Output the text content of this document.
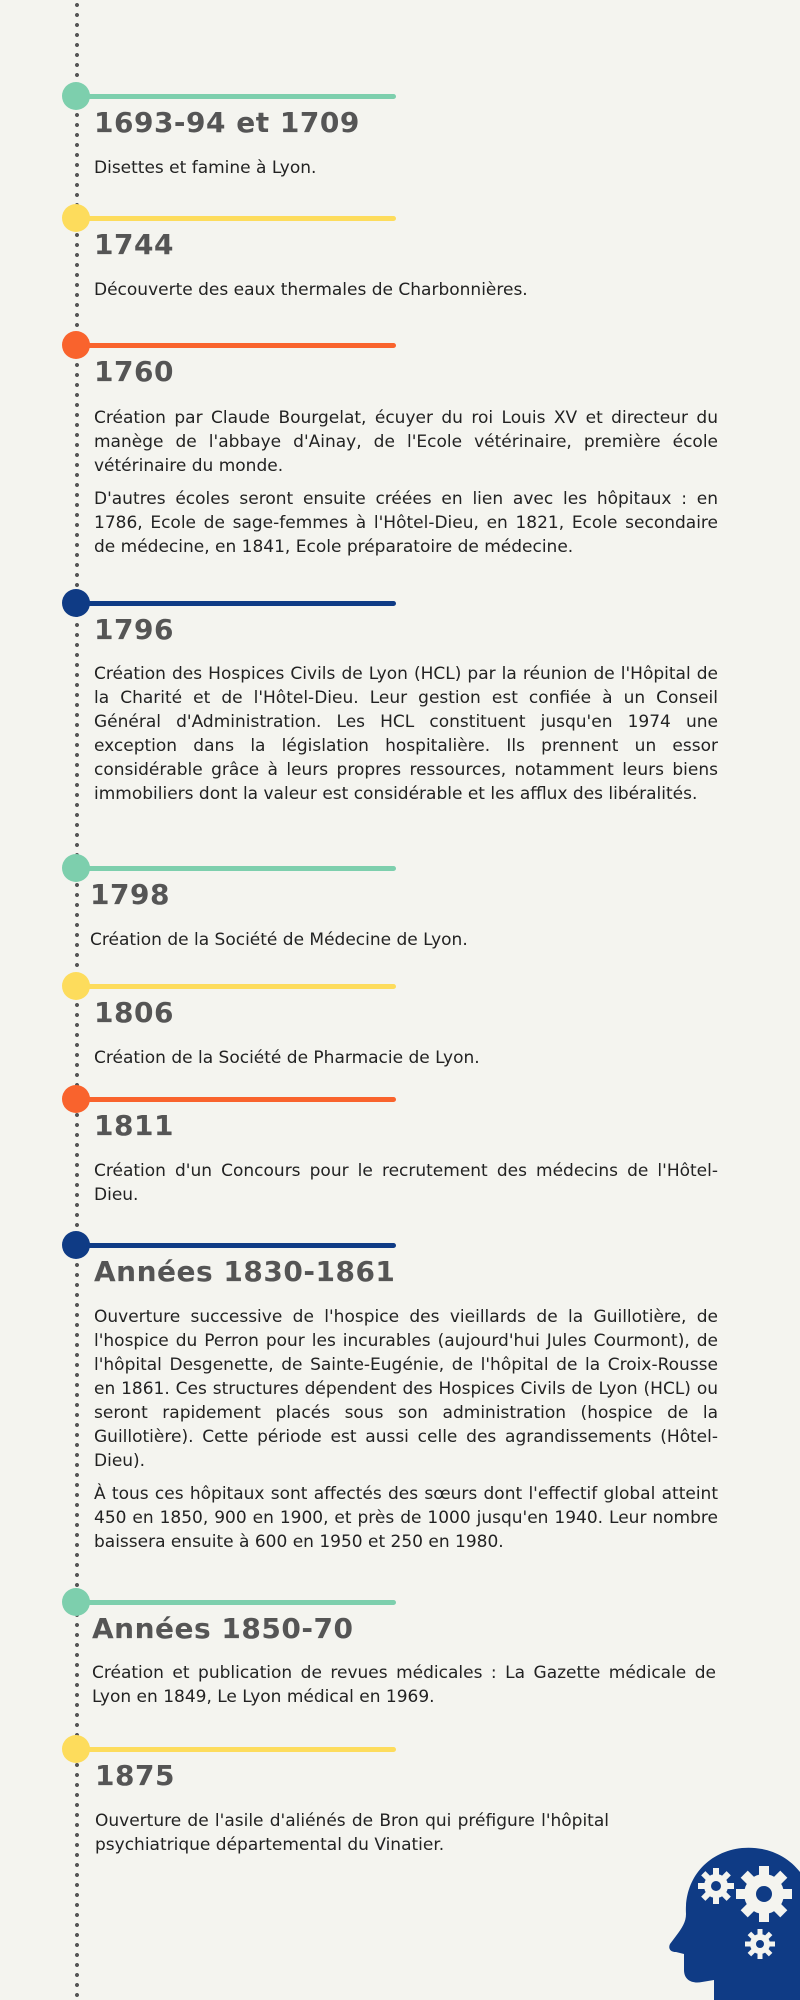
1693-94 et 1709

Disettes et famine à Lyon.

1744

Découverte des eaux thermales de Charbonnières.

1760

Création par Claude Bourgelat, écuyer du roi Louis XV et directeur du manège de l'abbaye d'Ainay, de l'Ecole vétérinaire, première école vétérinaire du monde.

D'autres écoles seront ensuite créées en lien avec les hôpitaux : en 1786, Ecole de sage-femmes à l'Hôtel-Dieu, en 1821, Ecole secondaire de médecine, en 1841, Ecole préparatoire de médecine.

1796

Création des Hospices Civils de Lyon (HCL) par la réunion de l'Hôpital de la Charité et de l'Hôtel-Dieu. Leur gestion est confiée à un Conseil Général d'Administration. Les HCL constituent jusqu'en 1974 une exception dans la législation hospitalière. Ils prennent un essor considérable grâce à leurs propres ressources, notamment leurs biens immobiliers dont la valeur est considérable et les afflux des libéralités.

1798

Création de la Société de Médecine de Lyon.

1806

Création de la Société de Pharmacie de Lyon.

1811

Création d'un Concours pour le recrutement des médecins de l'Hôtel-Dieu.

Années 1830-1861

Ouverture successive de l'hospice des vieillards de la Guillotière, de l'hospice du Perron pour les incurables (aujourd'hui Jules Courmont), de l'hôpital Desgenette, de Sainte-Eugénie, de l'hôpital de la Croix-Rousse en 1861. Ces structures dépendent des Hospices Civils de Lyon (HCL) ou seront rapidement placés sous son administration (hospice de la Guillotière). Cette période est aussi celle des agrandissements (Hôtel-Dieu).

À tous ces hôpitaux sont affectés des sœurs dont l'effectif global atteint 450 en 1850, 900 en 1900, et près de 1000 jusqu'en 1940. Leur nombre baissera ensuite à 600 en 1950 et 250 en 1980.

Années 1850-70

Création et publication de revues médicales : La Gazette médicale de Lyon en 1849, Le Lyon médical en 1969.

1875

Ouverture de l'asile d'aliénés de Bron qui préfigure l'hôpital psychiatrique départemental du Vinatier.
